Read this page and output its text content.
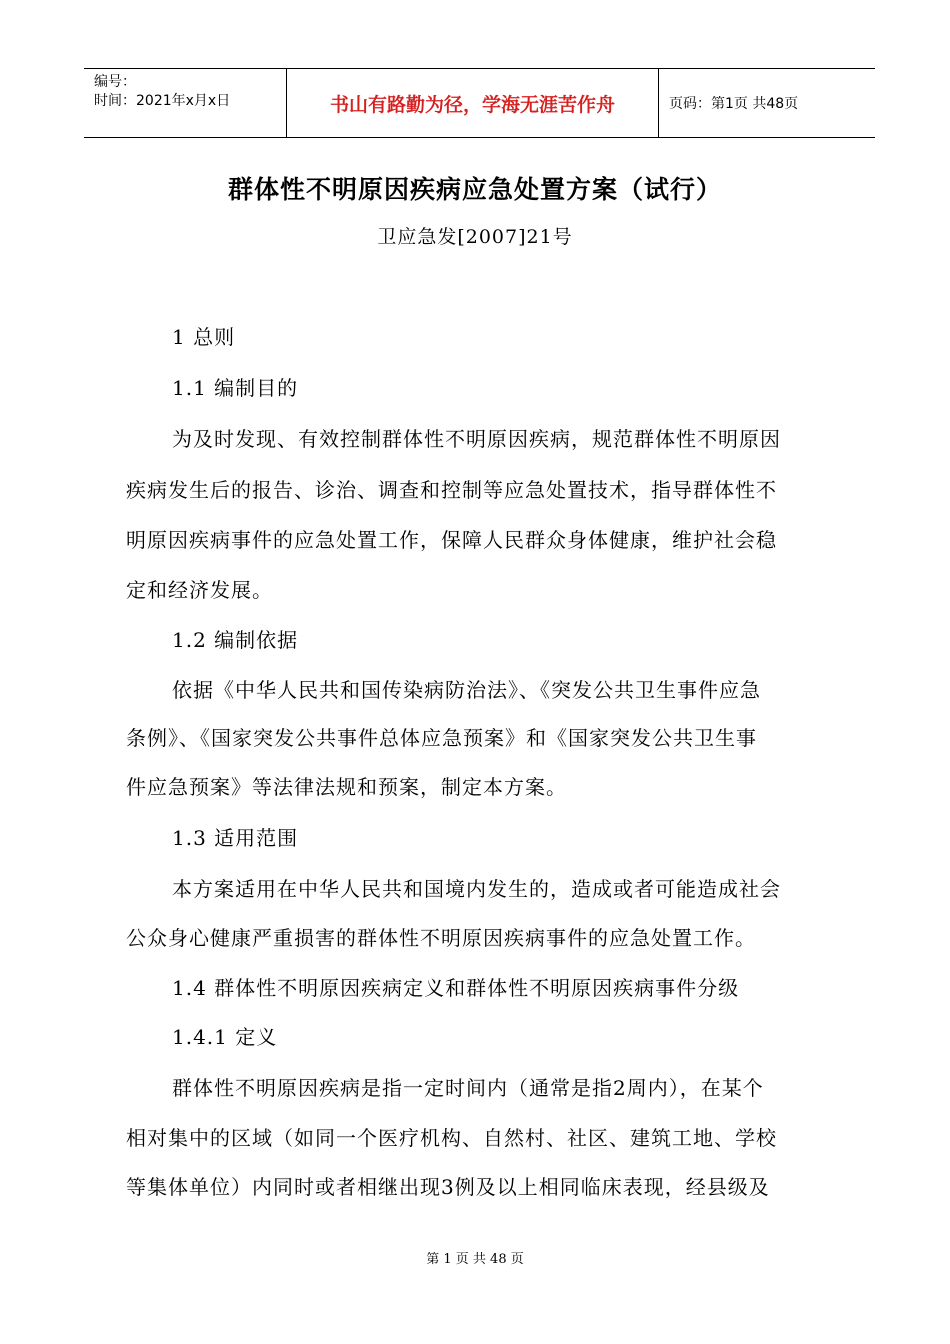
编号：
时间：2021年x月x日	书山有路勤为径，学海无涯苦作舟	页码：第1页 共48页
群体性不明原因疾病应急处置方案（试行）
卫应急发[2007]21号
1 总则
1.1 编制目的
为及时发现、有效控制群体性不明原因疾病，规范群体性不明原因
疾病发生后的报告、诊治、调查和控制等应急处置技术，指导群体性不
明原因疾病事件的应急处置工作，保障人民群众身体健康，维护社会稳
定和经济发展。
1.2 编制依据
依据《中华人民共和国传染病防治法》、《突发公共卫生事件应急
条例》、《国家突发公共事件总体应急预案》和《国家突发公共卫生事
件应急预案》等法律法规和预案，制定本方案。
1.3 适用范围
本方案适用在中华人民共和国境内发生的，造成或者可能造成社会
公众身心健康严重损害的群体性不明原因疾病事件的应急处置工作。
1.4 群体性不明原因疾病定义和群体性不明原因疾病事件分级
1.4.1 定义
群体性不明原因疾病是指一定时间内（通常是指2周内），在某个
相对集中的区域（如同一个医疗机构、自然村、社区、建筑工地、学校
等集体单位）内同时或者相继出现3例及以上相同临床表现，经县级及
第 1 页 共 48 页
